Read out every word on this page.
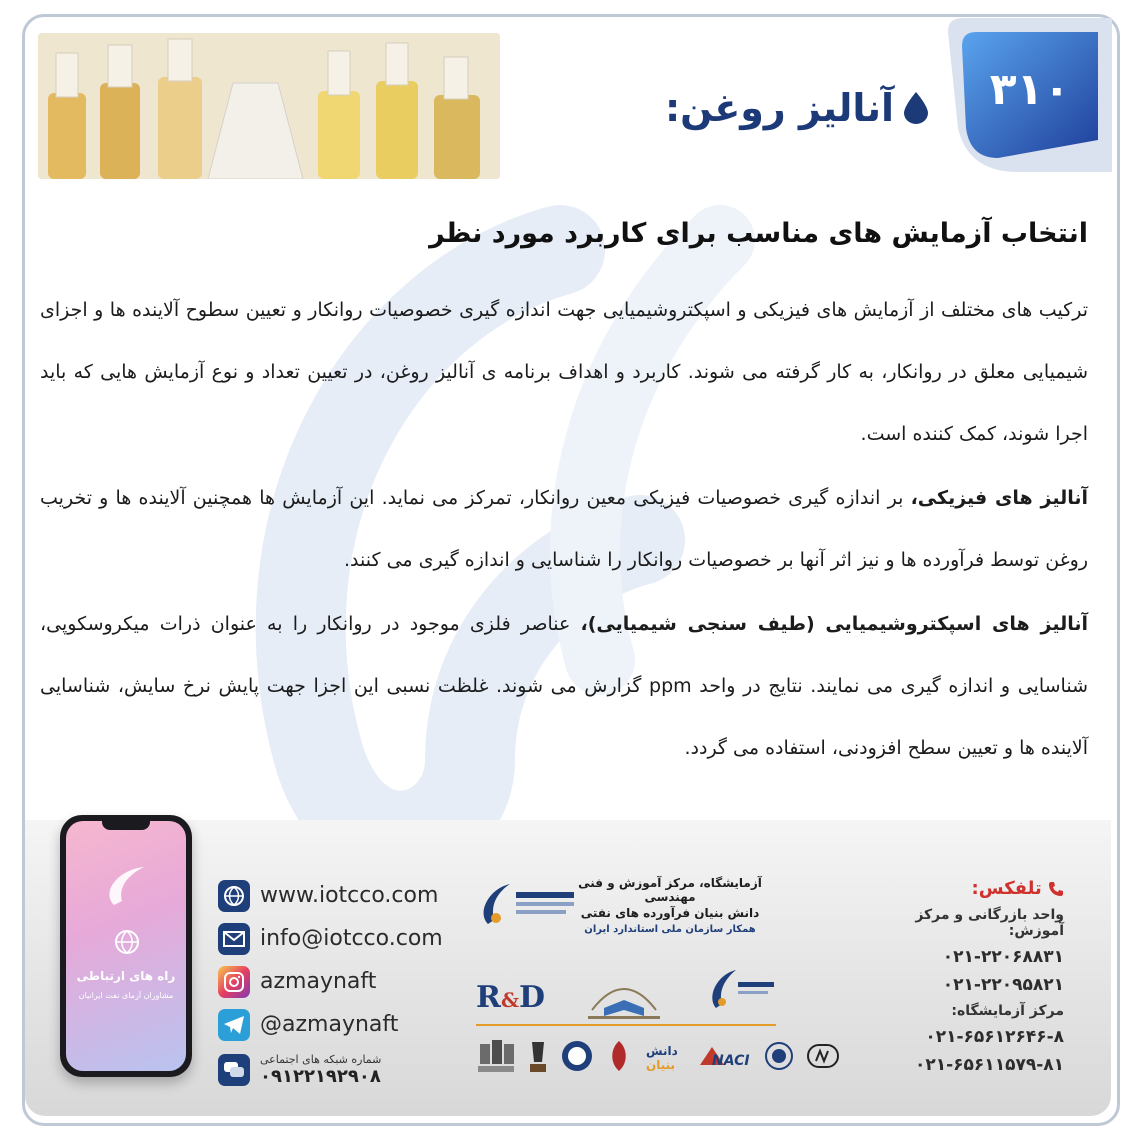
۳۱۰
آنالیز روغن:
انتخاب آزمایش های مناسب برای کاربرد مورد نظر

ترکیب های مختلف از آزمایش های فیزیکی و اسپکتروشیمیایی جهت اندازه گیری خصوصیات روانکار و تعیین سطوح آلاینده ها و اجزای شیمیایی معلق در روانکار، به کار گرفته می شوند. کاربرد و اهداف برنامه ی آنالیز روغن، در تعیین تعداد و نوع آزمایش هایی که باید اجرا شوند، کمک کننده است.

آنالیز های فیزیکی، بر اندازه گیری خصوصیات فیزیکی معین روانکار، تمرکز می نماید. این آزمایش ها همچنین آلاینده ها و تخریب روغن توسط فرآورده ها و نیز اثر آنها بر خصوصیات روانکار را شناسایی و اندازه گیری می کنند.

آنالیز های اسپکتروشیمیایی (طیف سنجی شیمیایی)، عناصر فلزی موجود در روانکار را به عنوان ذرات میکروسکوپی، شناسایی و اندازه گیری می نمایند. نتایج در واحد ppm گزارش می شوند. غلظت نسبی این اجزا جهت پایش نرخ سایش، شناسایی آلاینده ها و تعیین سطح افزودنی، استفاده می گردد.

راه های ارتباطی
مشاوران آزمای نفت ایرانیان
www.iotcco.com
info@iotcco.com
azmaynaft
@azmaynaft
شماره شبکه های اجتماعی
۰۹۱۲۲۱۹۲۹۰۸
آزمایشگاه، مرکز آموزش و فنی مهندسی
دانش بنیان فرآورده های نفتی
همکار سازمان ملی استاندارد ایران
R&D
دانش
بنیان	NACI
تلفکس:
واحد بازرگانی و مرکز آموزش:
۰۲۱-۲۲۰۶۸۸۳۱
۰۲۱-۲۲۰۹۵۸۲۱
مرکز آزمایشگاه:
۰۲۱-۶۵۶۱۲۶۴۶-۸
۰۲۱-۶۵۶۱۱۵۷۹-۸۱
